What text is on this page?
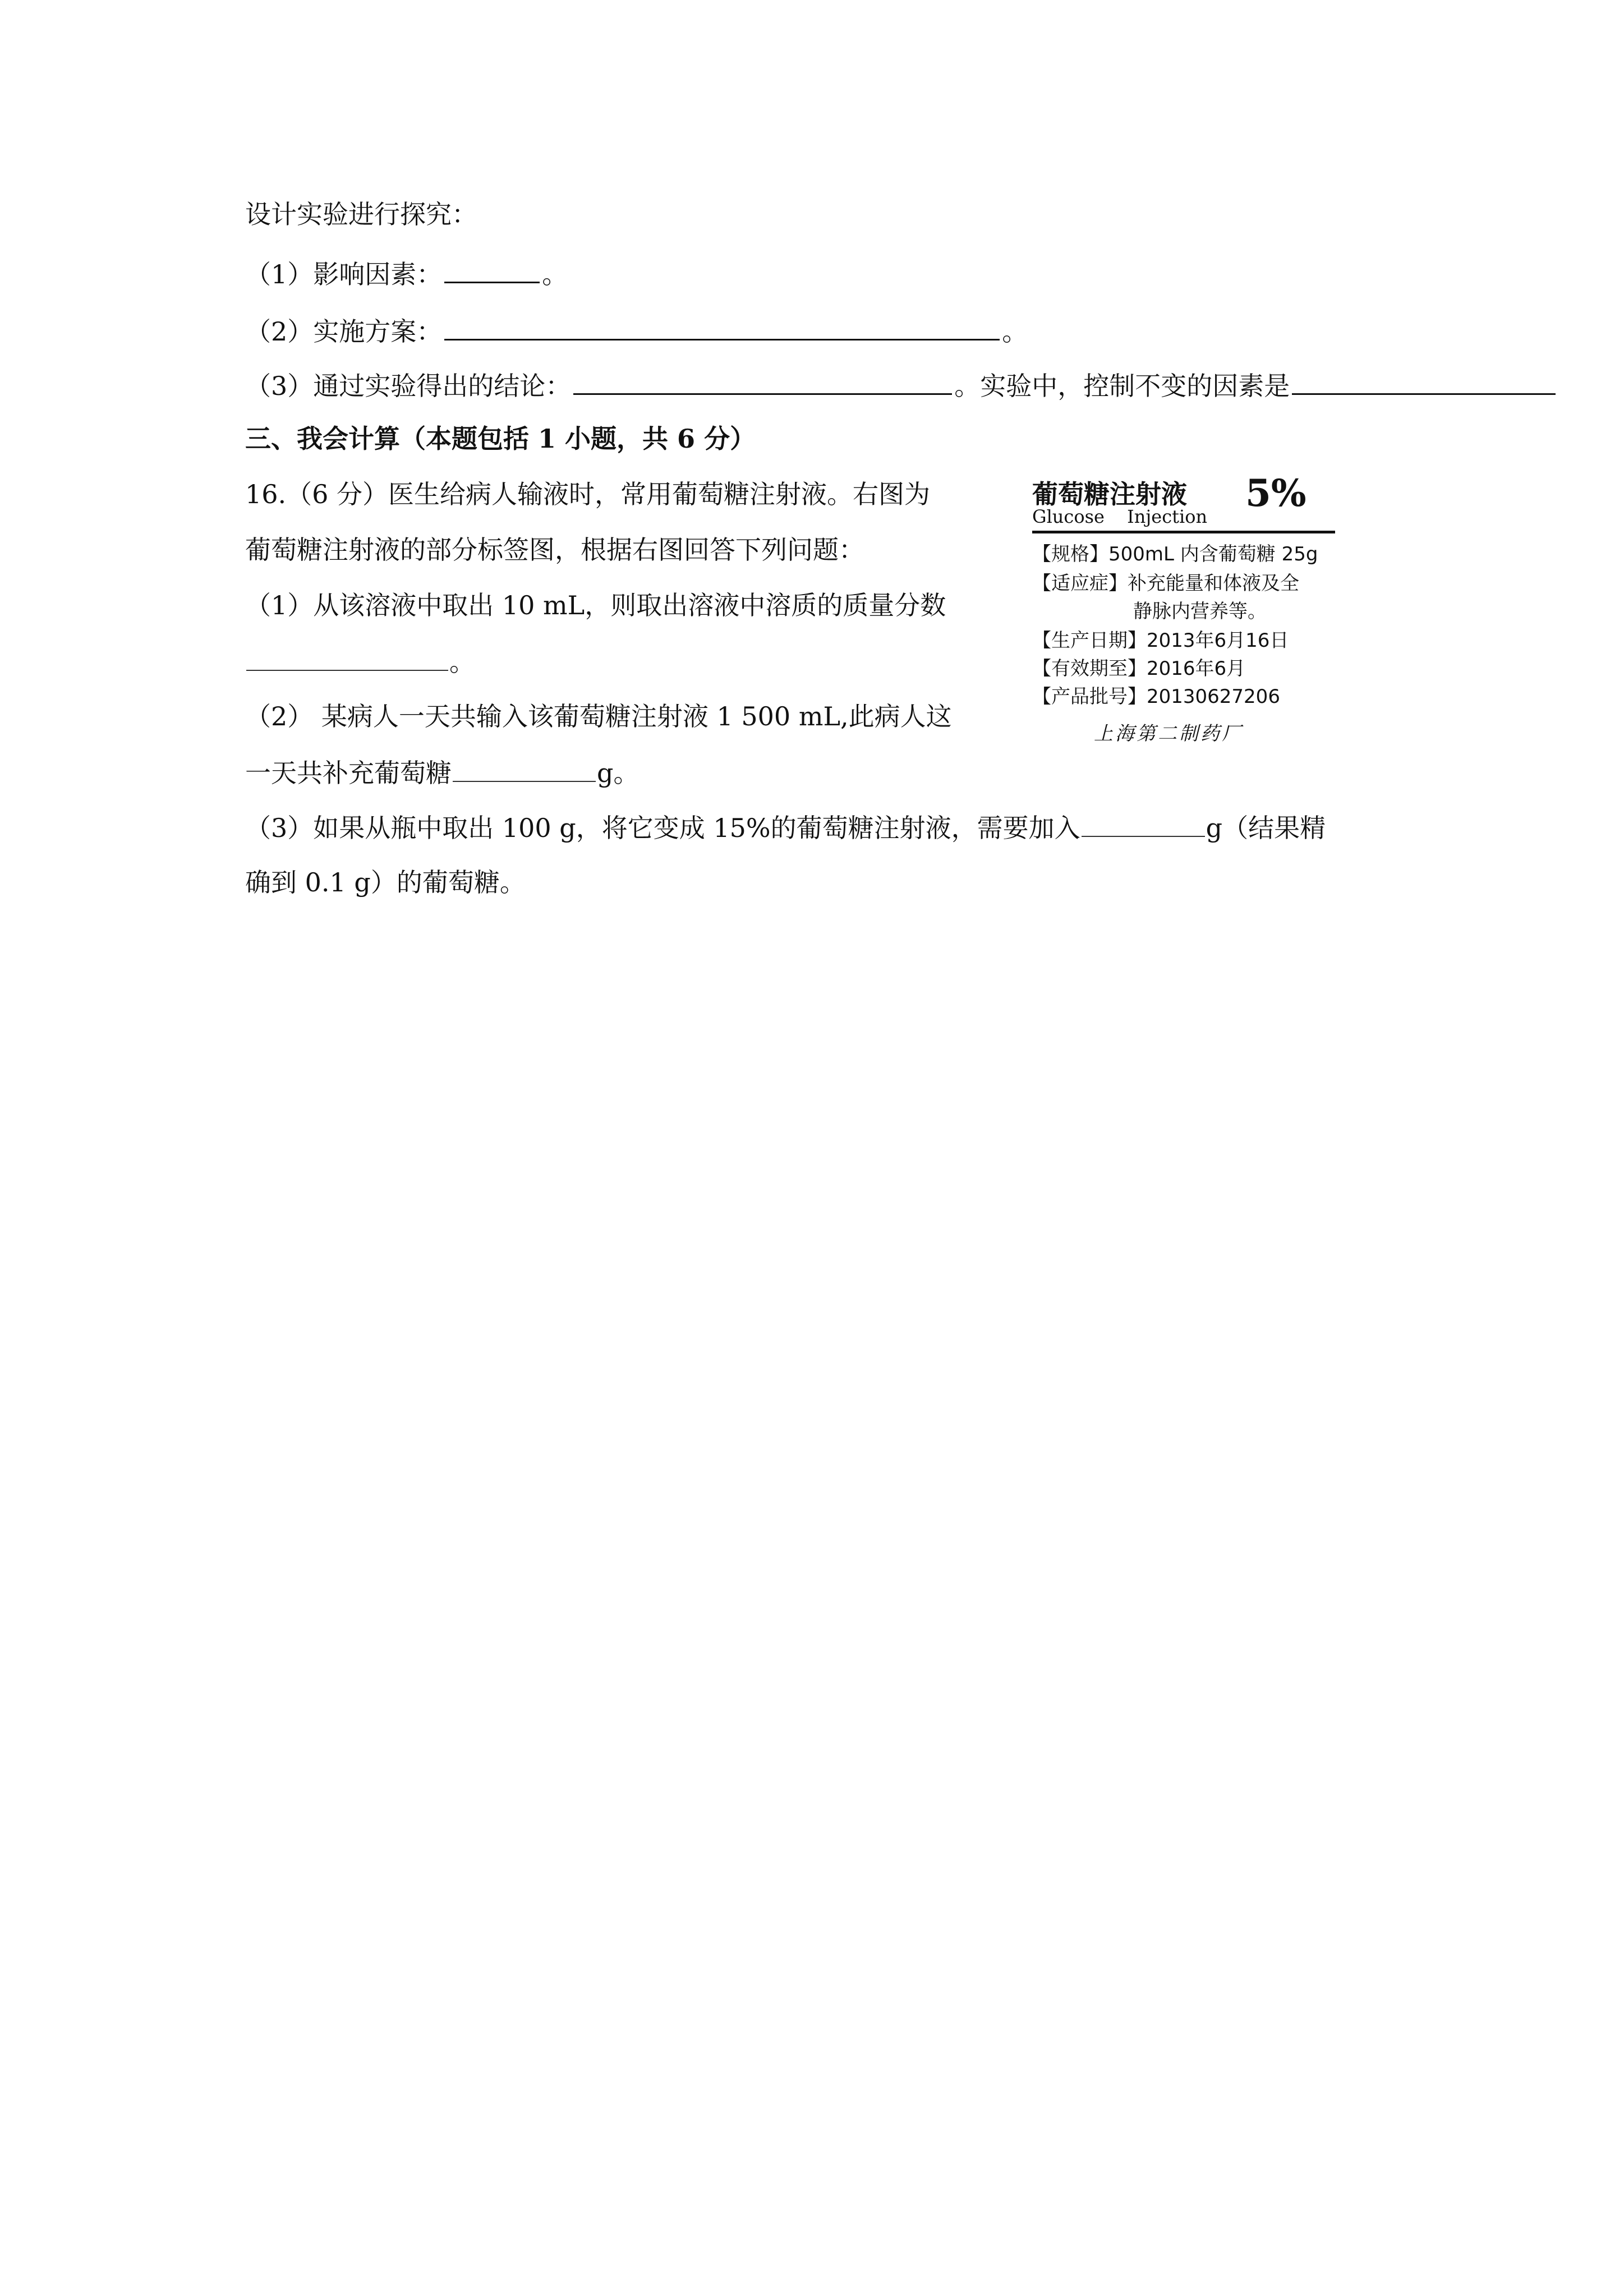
设计实验进行探究：
（1）影响因素：	。
（2）实施方案：	。
（3）通过实验得出的结论：	。实验中，控制不变的因素是
三、我会计算（本题包括 1 小题，共 6 分）
16.（6 分）医生给病人输液时，常用葡萄糖注射液。右图为
葡萄糖注射液的部分标签图，根据右图回答下列问题：
（1）从该溶液中取出 10 mL，则取出溶液中溶质的质量分数
。
（2） 某病人一天共输入该葡萄糖注射液 1 500 mL,此病人这
一天共补充葡萄糖	g。
（3）如果从瓶中取出 100 g，将它变成 15%的葡萄糖注射液，需要加入	g（结果精
确到 0.1 g）的葡萄糖。
葡萄糖注射液 5%
Glucose Injection
【规格】500mL 内含葡萄糖 25g
【适应症】补充能量和体液及全
静脉内营养等。
【生产日期】2013年6月16日
【有效期至】2016年6月
【产品批号】20130627206
上海第二制药厂
